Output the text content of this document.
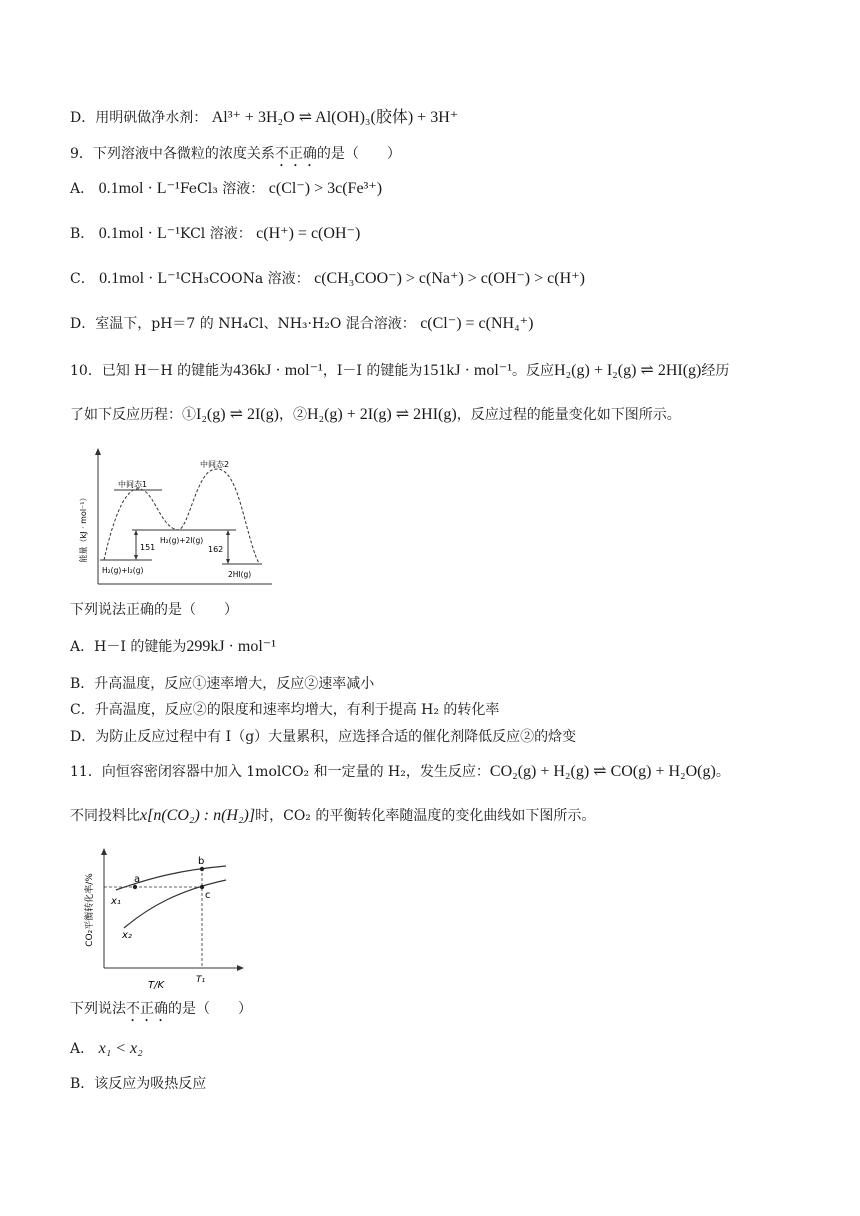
D．用明矾做净水剂： Al³⁺ + 3H₂O ⇌ Al(OH)₃(胶体) + 3H⁺
9．下列溶液中各微粒的浓度关系不正确的是（　　）
A． 0.1mol · L⁻¹FeCl₃ 溶液： c(Cl⁻) > 3c(Fe³⁺)
B． 0.1mol · L⁻¹KCl 溶液： c(H⁺) = c(OH⁻)
C． 0.1mol · L⁻¹CH₃COONa 溶液： c(CH₃COO⁻) > c(Na⁺) > c(OH⁻) > c(H⁺)
D．室温下，pH＝7 的 NH₄Cl、NH₃·H₂O 混合溶液： c(Cl⁻) = c(NH₄⁺)
10．已知 H－H 的键能为436kJ · mol⁻¹，I－I 的键能为151kJ · mol⁻¹。反应H₂(g) + I₂(g) ⇌ 2HI(g)经历
了如下反应历程：①I₂(g) ⇌ 2I(g)，②H₂(g) + 2I(g) ⇌ 2HI(g)，反应过程的能量变化如下图所示。
能量（kJ · mol⁻¹）	151	162
中间态1
中间态2
H₂(g)+2I(g)
H₂(g)+I₂(g)	2HI(g)
下列说法正确的是（　　）
A．H－I 的键能为299kJ · mol⁻¹
B．升高温度，反应①速率增大，反应②速率减小
C．升高温度，反应②的限度和速率均增大，有利于提高 H₂ 的转化率
D．为防止反应过程中有 I（g）大量累积，应选择合适的催化剂降低反应②的焓变
11．向恒容密闭容器中加入 1molCO₂ 和一定量的 H₂，发生反应：CO₂(g) + H₂(g) ⇌ CO(g) + H₂O(g)。
不同投料比x[n(CO₂) : n(H₂)]时，CO₂ 的平衡转化率随温度的变化曲线如下图所示。
CO₂平衡转化率/%
T/K	T₁
a
b
c
x₁
x₂
下列说法不正确的是（　　）
A． x₁ < x₂
B．该反应为吸热反应
